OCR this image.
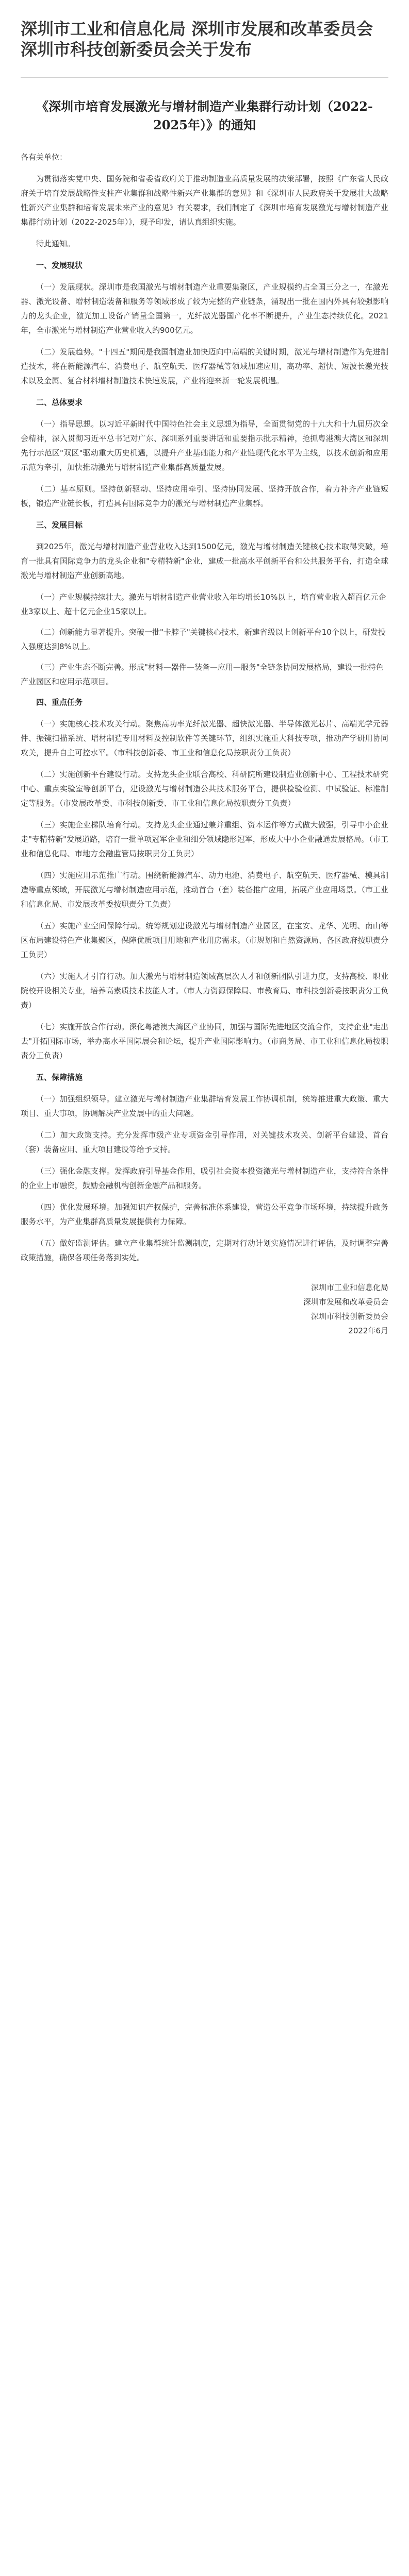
深圳市工业和信息化局 深圳市发展和改革委员会 深圳市科技创新委员会关于发布
《深圳市培育发展激光与增材制造产业集群行动计划（2022-2025年）》的通知

各有关单位：

为贯彻落实党中央、国务院和省委省政府关于推动制造业高质量发展的决策部署，按照《广东省人民政府关于培育发展战略性支柱产业集群和战略性新兴产业集群的意见》和《深圳市人民政府关于发展壮大战略性新兴产业集群和培育发展未来产业的意见》有关要求，我们制定了《深圳市培育发展激光与增材制造产业集群行动计划（2022-2025年）》，现予印发，请认真组织实施。

特此通知。

一、发展现状

（一）发展现状。深圳市是我国激光与增材制造产业重要集聚区，产业规模约占全国三分之一，在激光器、激光设备、增材制造装备和服务等领域形成了较为完整的产业链条，涌现出一批在国内外具有较强影响力的龙头企业，激光加工设备产销量全国第一，光纤激光器国产化率不断提升，产业生态持续优化。2021年，全市激光与增材制造产业营业收入约900亿元。

（二）发展趋势。"十四五"期间是我国制造业加快迈向中高端的关键时期，激光与增材制造作为先进制造技术，将在新能源汽车、消费电子、航空航天、医疗器械等领域加速应用，高功率、超快、短波长激光技术以及金属、复合材料增材制造技术快速发展，产业将迎来新一轮发展机遇。

二、总体要求

（一）指导思想。以习近平新时代中国特色社会主义思想为指导，全面贯彻党的十九大和十九届历次全会精神，深入贯彻习近平总书记对广东、深圳系列重要讲话和重要指示批示精神，抢抓粤港澳大湾区和深圳先行示范区"双区"驱动重大历史机遇，以提升产业基础能力和产业链现代化水平为主线，以技术创新和应用示范为牵引，加快推动激光与增材制造产业集群高质量发展。

（二）基本原则。坚持创新驱动、坚持应用牵引、坚持协同发展、坚持开放合作，着力补齐产业链短板，锻造产业链长板，打造具有国际竞争力的激光与增材制造产业集群。

三、发展目标

到2025年，激光与增材制造产业营业收入达到1500亿元，激光与增材制造关键核心技术取得突破，培育一批具有国际竞争力的龙头企业和"专精特新"企业，建成一批高水平创新平台和公共服务平台，打造全球激光与增材制造产业创新高地。

（一）产业规模持续壮大。激光与增材制造产业营业收入年均增长10%以上，培育营业收入超百亿元企业3家以上、超十亿元企业15家以上。

（二）创新能力显著提升。突破一批"卡脖子"关键核心技术，新建省级以上创新平台10个以上，研发投入强度达到8%以上。

（三）产业生态不断完善。形成"材料—器件—装备—应用—服务"全链条协同发展格局，建设一批特色产业园区和应用示范项目。

四、重点任务

（一）实施核心技术攻关行动。聚焦高功率光纤激光器、超快激光器、半导体激光芯片、高端光学元器件、振镜扫描系统、增材制造专用材料及控制软件等关键环节，组织实施重大科技专项，推动产学研用协同攻关，提升自主可控水平。（市科技创新委、市工业和信息化局按职责分工负责）

（二）实施创新平台建设行动。支持龙头企业联合高校、科研院所建设制造业创新中心、工程技术研究中心、重点实验室等创新平台，建设激光与增材制造公共技术服务平台，提供检验检测、中试验证、标准制定等服务。（市发展改革委、市科技创新委、市工业和信息化局按职责分工负责）

（三）实施企业梯队培育行动。支持龙头企业通过兼并重组、资本运作等方式做大做强，引导中小企业走"专精特新"发展道路，培育一批单项冠军企业和细分领域隐形冠军，形成大中小企业融通发展格局。（市工业和信息化局、市地方金融监管局按职责分工负责）

（四）实施应用示范推广行动。围绕新能源汽车、动力电池、消费电子、航空航天、医疗器械、模具制造等重点领域，开展激光与增材制造应用示范，推动首台（套）装备推广应用，拓展产业应用场景。（市工业和信息化局、市发展改革委按职责分工负责）

（五）实施产业空间保障行动。统筹规划建设激光与增材制造产业园区，在宝安、龙华、光明、南山等区布局建设特色产业集聚区，保障优质项目用地和产业用房需求。（市规划和自然资源局、各区政府按职责分工负责）

（六）实施人才引育行动。加大激光与增材制造领域高层次人才和创新团队引进力度，支持高校、职业院校开设相关专业，培养高素质技术技能人才。（市人力资源保障局、市教育局、市科技创新委按职责分工负责）

（七）实施开放合作行动。深化粤港澳大湾区产业协同，加强与国际先进地区交流合作，支持企业"走出去"开拓国际市场，举办高水平国际展会和论坛，提升产业国际影响力。（市商务局、市工业和信息化局按职责分工负责）

五、保障措施

（一）加强组织领导。建立激光与增材制造产业集群培育发展工作协调机制，统筹推进重大政策、重大项目、重大事项，协调解决产业发展中的重大问题。

（二）加大政策支持。充分发挥市级产业专项资金引导作用，对关键技术攻关、创新平台建设、首台（套）装备应用、重大项目建设等给予支持。

（三）强化金融支撑。发挥政府引导基金作用，吸引社会资本投资激光与增材制造产业，支持符合条件的企业上市融资，鼓励金融机构创新金融产品和服务。

（四）优化发展环境。加强知识产权保护，完善标准体系建设，营造公平竞争市场环境，持续提升政务服务水平，为产业集群高质量发展提供有力保障。

（五）做好监测评估。建立产业集群统计监测制度，定期对行动计划实施情况进行评估，及时调整完善政策措施，确保各项任务落到实处。

深圳市工业和信息化局

深圳市发展和改革委员会

深圳市科技创新委员会

2022年6月
